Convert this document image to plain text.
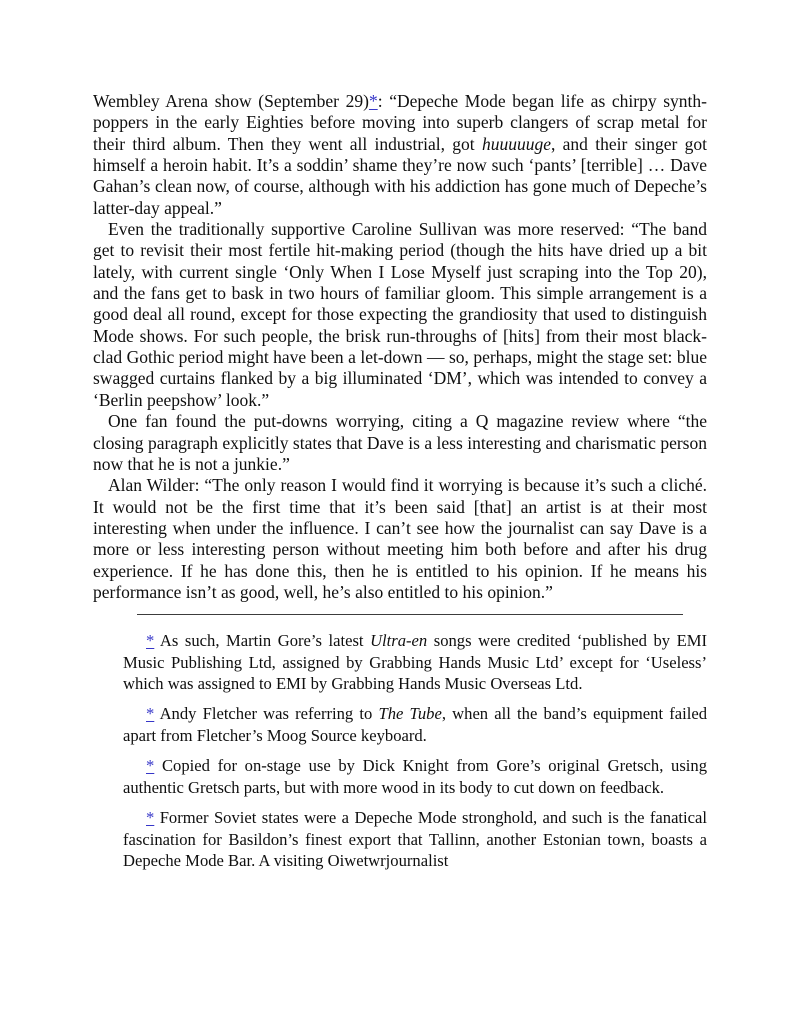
Wembley Arena show (September 29)*: “Depeche Mode began life as chirpy synth-poppers in the early Eighties before moving into superb clangers of scrap metal for their third album. Then they went all industrial, got huuuuuge, and their singer got himself a heroin habit. It’s a soddin’ shame they’re now such ‘pants’ [terrible] … Dave Gahan’s clean now, of course, although with his addiction has gone much of Depeche’s latter-day appeal.”

Even the traditionally supportive Caroline Sullivan was more reserved: “The band get to revisit their most fertile hit-making period (though the hits have dried up a bit lately, with current single ‘Only When I Lose Myself just scraping into the Top 20), and the fans get to bask in two hours of familiar gloom. This simple arrangement is a good deal all round, except for those expecting the grandiosity that used to distinguish Mode shows. For such people, the brisk run-throughs of [hits] from their most black-clad Gothic period might have been a let-down — so, perhaps, might the stage set: blue swagged curtains flanked by a big illuminated ‘DM’, which was intended to convey a ‘Berlin peepshow’ look.”

One fan found the put-downs worrying, citing a Q magazine review where “the closing paragraph explicitly states that Dave is a less interesting and charismatic person now that he is not a junkie.”

Alan Wilder: “The only reason I would find it worrying is because it’s such a cliché. It would not be the first time that it’s been said [that] an artist is at their most interesting when under the influence. I can’t see how the journalist can say Dave is a more or less interesting person without meeting him both before and after his drug experience. If he has done this, then he is entitled to his opinion. If he means his performance isn’t as good, well, he’s also entitled to his opinion.”

* As such, Martin Gore’s latest Ultra-en songs were credited ‘published by EMI Music Publishing Ltd, assigned by Grabbing Hands Music Ltd’ except for ‘Useless’ which was assigned to EMI by Grabbing Hands Music Overseas Ltd.

* Andy Fletcher was referring to The Tube, when all the band’s equipment failed apart from Fletcher’s Moog Source keyboard.

* Copied for on-stage use by Dick Knight from Gore’s original Gretsch, using authentic Gretsch parts, but with more wood in its body to cut down on feedback.

* Former Soviet states were a Depeche Mode stronghold, and such is the fanatical fascination for Basildon’s finest export that Tallinn, another Estonian town, boasts a Depeche Mode Bar. A visiting Oiwetwrjournalist
